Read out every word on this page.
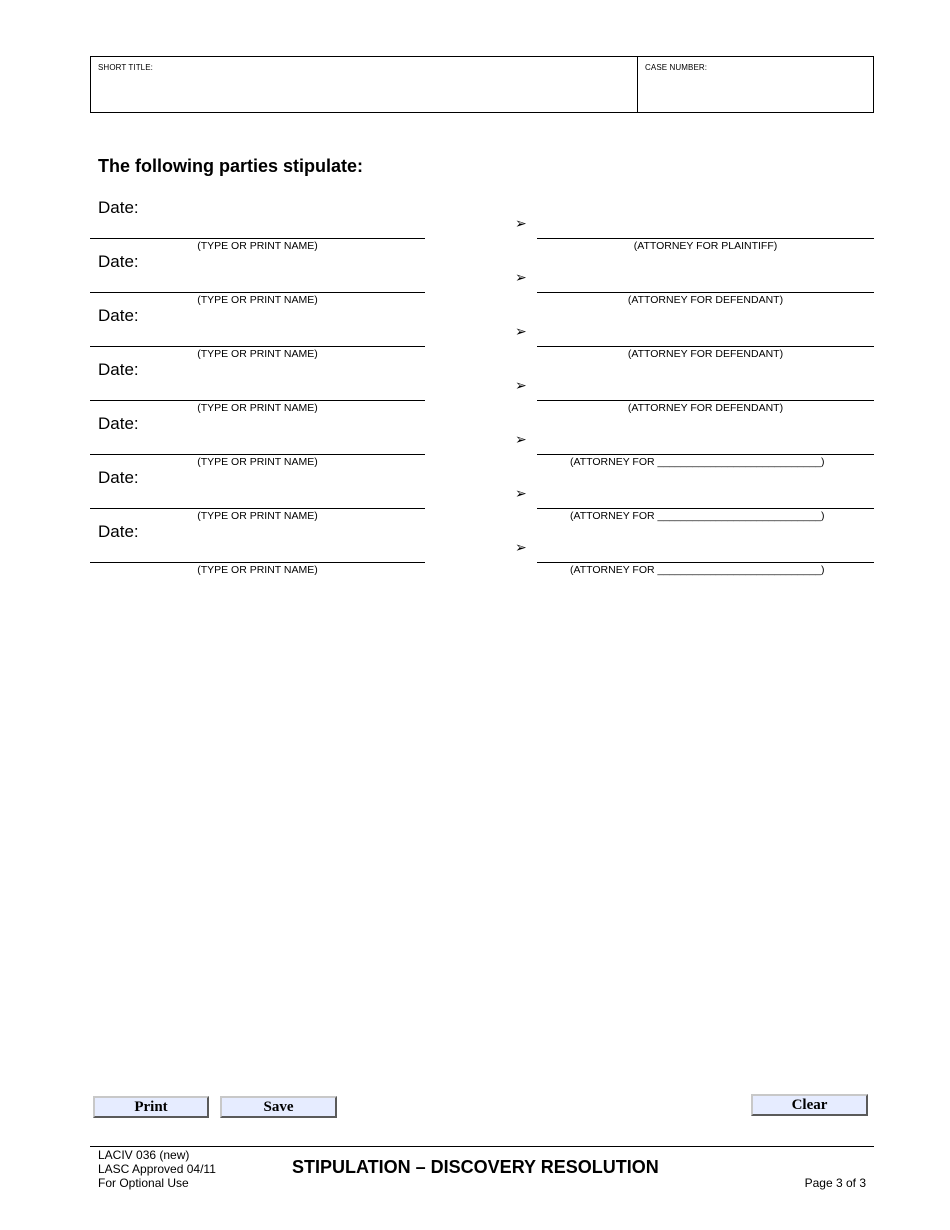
SHORT TITLE:	CASE NUMBER:
The following parties stipulate:
Date:
(TYPE OR PRINT NAME)
➢
(ATTORNEY FOR PLAINTIFF)
Date:
(TYPE OR PRINT NAME)
➢
(ATTORNEY FOR DEFENDANT)
Date:
(TYPE OR PRINT NAME)
➢
(ATTORNEY FOR DEFENDANT)
Date:
(TYPE OR PRINT NAME)
➢
(ATTORNEY FOR DEFENDANT)
Date:
(TYPE OR PRINT NAME)
➢
(ATTORNEY FOR ____________________________)
Date:
(TYPE OR PRINT NAME)
➢
(ATTORNEY FOR ____________________________)
Date:
(TYPE OR PRINT NAME)
➢
(ATTORNEY FOR ____________________________)
Print	Save	Clear
LACIV 036 (new)
LASC Approved 04/11
For Optional Use
STIPULATION – DISCOVERY RESOLUTION
Page 3 of 3
